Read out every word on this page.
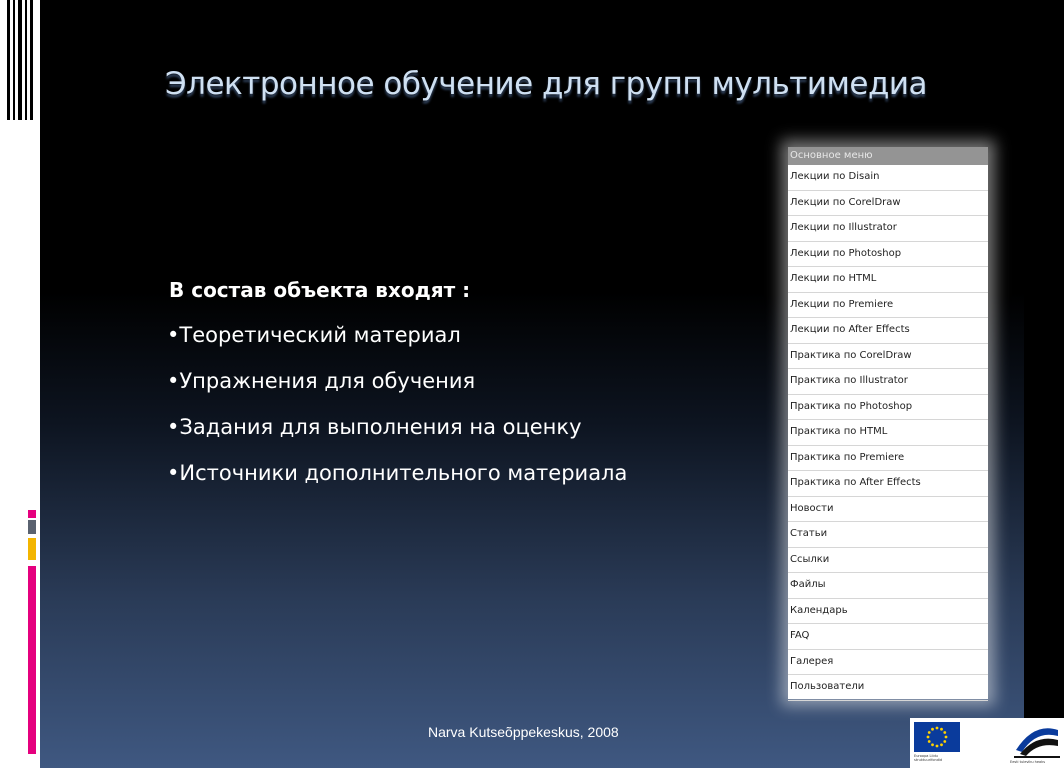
Электронное обучение для групп мультимедиа

В состав объекта входят :

•Теоретический материал
•Упражнения для обучения
•Задания для выполнения на оценку
•Источники дополнительного материала
Основное меню
Лекции по Disain
Лекции по CorelDraw
Лекции по Illustrator
Лекции по Photoshop
Лекции по HTML
Лекции по Premiere
Лекции по After Effects
Практика по CorelDraw
Практика по Illustrator
Практика по Photoshop
Практика по HTML
Практика по Premiere
Практика по After Effects
Новости
Статьи
Ссылки
Файлы
Календарь
FAQ
Галерея
Пользователи
Narva Kutseõppekeskus, 2008
Euroopa Liidu struktuurifondid	Eesti tuleviku heaks
